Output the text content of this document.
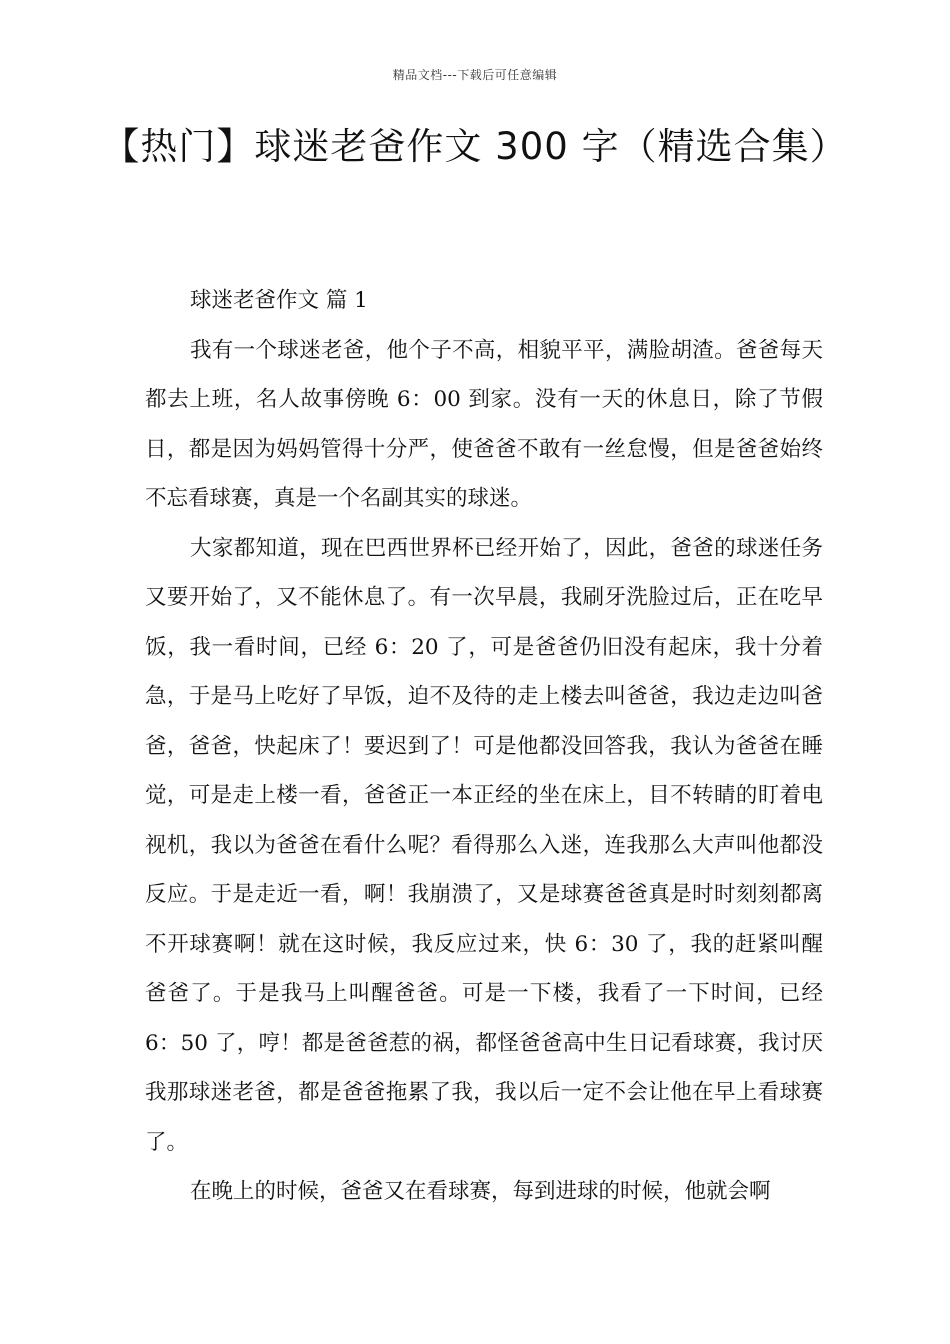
精品文档---下载后可任意编辑
【热门】球迷老爸作文 300 字（精选合集）

球迷老爸作文 篇 1

我有一个球迷老爸，他个子不高，相貌平平，满脸胡渣。爸爸每天都去上班，名人故事傍晚 6：00 到家。没有一天的休息日，除了节假日，都是因为妈妈管得十分严，使爸爸不敢有一丝怠慢，但是爸爸始终不忘看球赛，真是一个名副其实的球迷。

大家都知道，现在巴西世界杯已经开始了，因此，爸爸的球迷任务又要开始了，又不能休息了。有一次早晨，我刷牙洗脸过后，正在吃早饭，我一看时间，已经 6：20 了，可是爸爸仍旧没有起床，我十分着急，于是马上吃好了早饭，迫不及待的走上楼去叫爸爸，我边走边叫爸爸，爸爸，快起床了！要迟到了！可是他都没回答我，我认为爸爸在睡觉，可是走上楼一看，爸爸正一本正经的坐在床上，目不转睛的盯着电视机，我以为爸爸在看什么呢？看得那么入迷，连我那么大声叫他都没反应。于是走近一看，啊！我崩溃了，又是球赛爸爸真是时时刻刻都离不开球赛啊！就在这时候，我反应过来，快 6：30 了，我的赶紧叫醒爸爸了。于是我马上叫醒爸爸。可是一下楼，我看了一下时间，已经 6：50 了，哼！都是爸爸惹的祸，都怪爸爸高中生日记看球赛，我讨厌我那球迷老爸，都是爸爸拖累了我，我以后一定不会让他在早上看球赛了。

在晚上的时候，爸爸又在看球赛，每到进球的时候，他就会啊
